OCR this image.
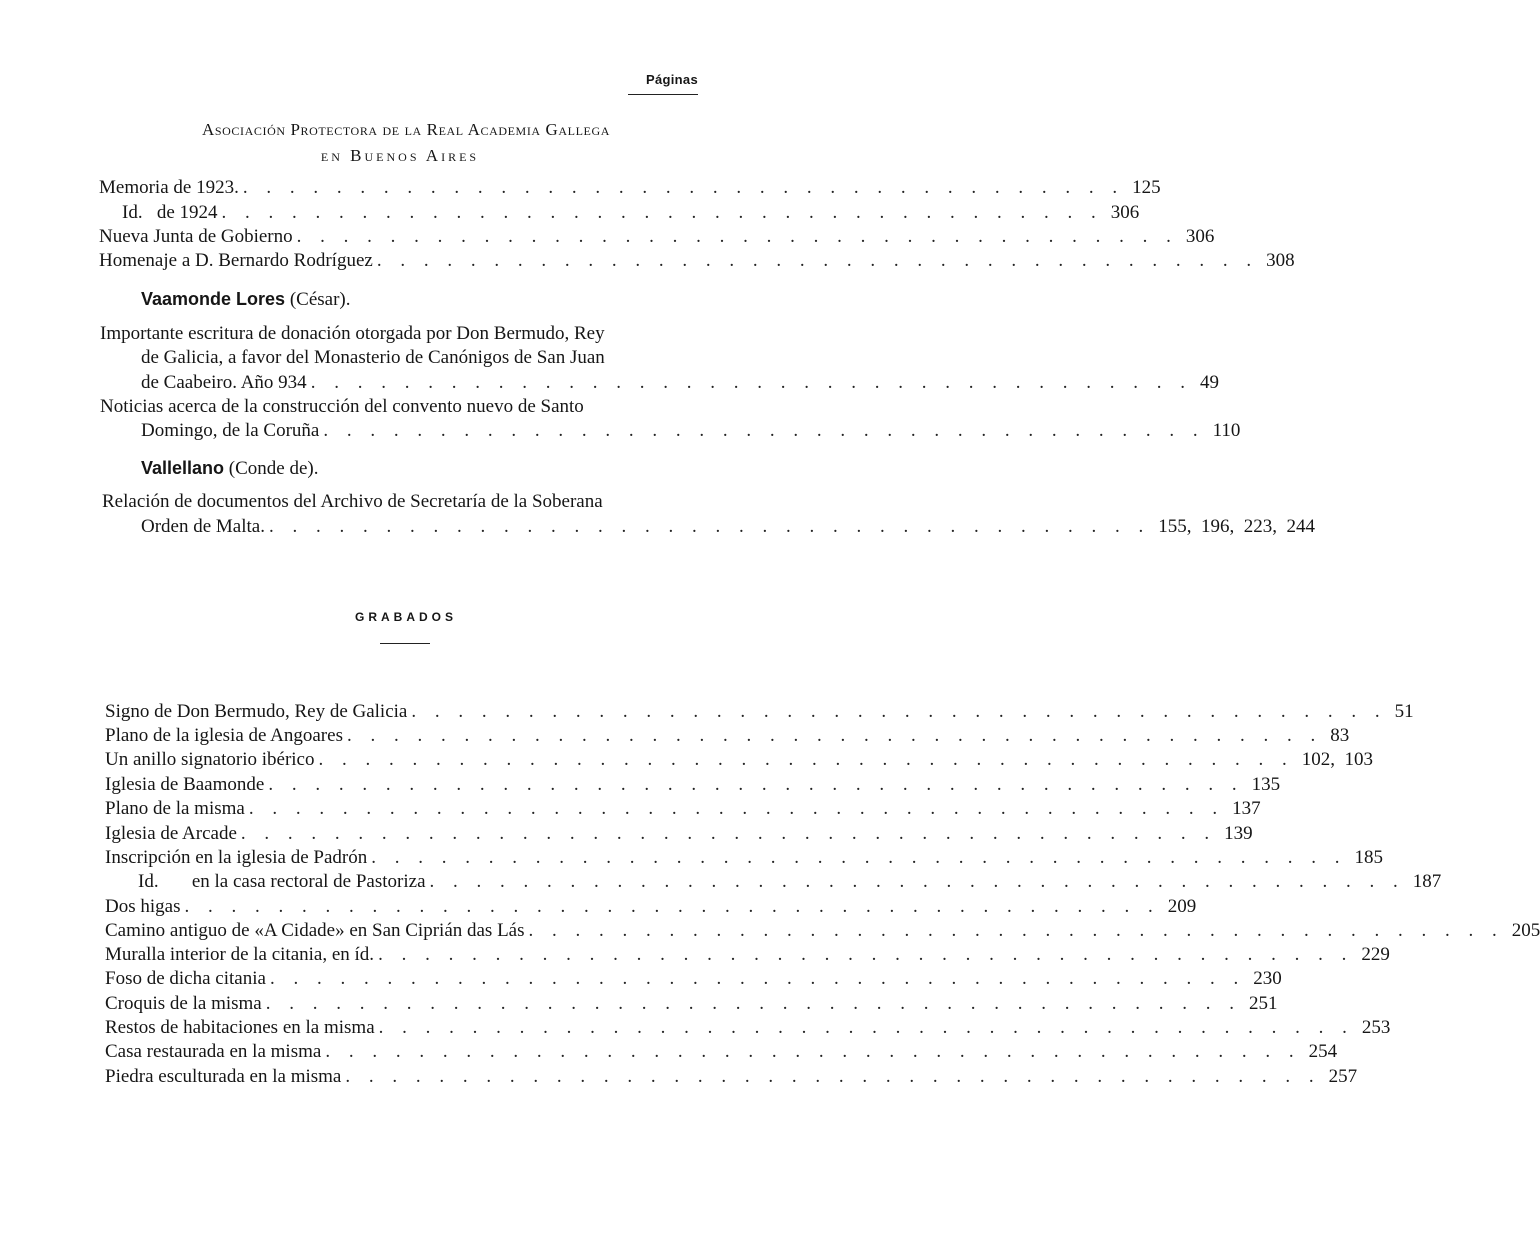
Páginas
Asociación Protectora de la Real Academia Gallega
en Buenos Aires
Memoria de 1923. . . . . . . . . . . . . . . . . . . . . . . . . . . . . . . . . . . . . . . 125
Id.   de 1924 . . . . . . . . . . . . . . . . . . . . . . . . . . . . . . . . . . . . . . 306
Nueva Junta de Gobierno . . . . . . . . . . . . . . . . . . . . . . . . . . . . . . . . . . . . . . 306
Homenaje a D. Bernardo Rodríguez . . . . . . . . . . . . . . . . . . . . . . . . . . . . . . . . . . . . . . 308
Vaamonde Lores (César).
Importante escritura de donación otorgada por Don Bermudo, Rey
de Galicia, a favor del Monasterio de Canónigos de San Juan
de Caabeiro. Año 934 . . . . . . . . . . . . . . . . . . . . . . . . . . . . . . . . . . . . . . 49
Noticias acerca de la construcción del convento nuevo de Santo
Domingo, de la Coruña . . . . . . . . . . . . . . . . . . . . . . . . . . . . . . . . . . . . . . 110
Vallellano (Conde de).
Relación de documentos del Archivo de Secretaría de la Soberana
Orden de Malta. . . . . . . . . . . . . . . . . . . . . . . . . . . . . . . . . . . . . . . 155,  196,  223,  244
GRABADOS
Signo de Don Bermudo, Rey de Galicia . . . . . . . . . . . . . . . . . . . . . . . . . . . . . . . . . . . . . . . . . . 51
Plano de la iglesia de Angoares . . . . . . . . . . . . . . . . . . . . . . . . . . . . . . . . . . . . . . . . . . 83
Un anillo signatorio ibérico . . . . . . . . . . . . . . . . . . . . . . . . . . . . . . . . . . . . . . . . . . 102,  103
Iglesia de Baamonde . . . . . . . . . . . . . . . . . . . . . . . . . . . . . . . . . . . . . . . . . . 135
Plano de la misma . . . . . . . . . . . . . . . . . . . . . . . . . . . . . . . . . . . . . . . . . . 137
Iglesia de Arcade . . . . . . . . . . . . . . . . . . . . . . . . . . . . . . . . . . . . . . . . . . 139
Inscripción en la iglesia de Padrón . . . . . . . . . . . . . . . . . . . . . . . . . . . . . . . . . . . . . . . . . . 185
Id.       en la casa rectoral de Pastoriza . . . . . . . . . . . . . . . . . . . . . . . . . . . . . . . . . . . . . . . . . . 187
Dos higas . . . . . . . . . . . . . . . . . . . . . . . . . . . . . . . . . . . . . . . . . . 209
Camino antiguo de «A Cidade» en San Ciprián das Lás . . . . . . . . . . . . . . . . . . . . . . . . . . . . . . . . . . . . . . . . . . 205
Muralla interior de la citania, en íd. . . . . . . . . . . . . . . . . . . . . . . . . . . . . . . . . . . . . . . . . . . 229
Foso de dicha citania . . . . . . . . . . . . . . . . . . . . . . . . . . . . . . . . . . . . . . . . . . 230
Croquis de la misma . . . . . . . . . . . . . . . . . . . . . . . . . . . . . . . . . . . . . . . . . . 251
Restos de habitaciones en la misma . . . . . . . . . . . . . . . . . . . . . . . . . . . . . . . . . . . . . . . . . . 253
Casa restaurada en la misma . . . . . . . . . . . . . . . . . . . . . . . . . . . . . . . . . . . . . . . . . . 254
Piedra esculturada en la misma . . . . . . . . . . . . . . . . . . . . . . . . . . . . . . . . . . . . . . . . . . 257
